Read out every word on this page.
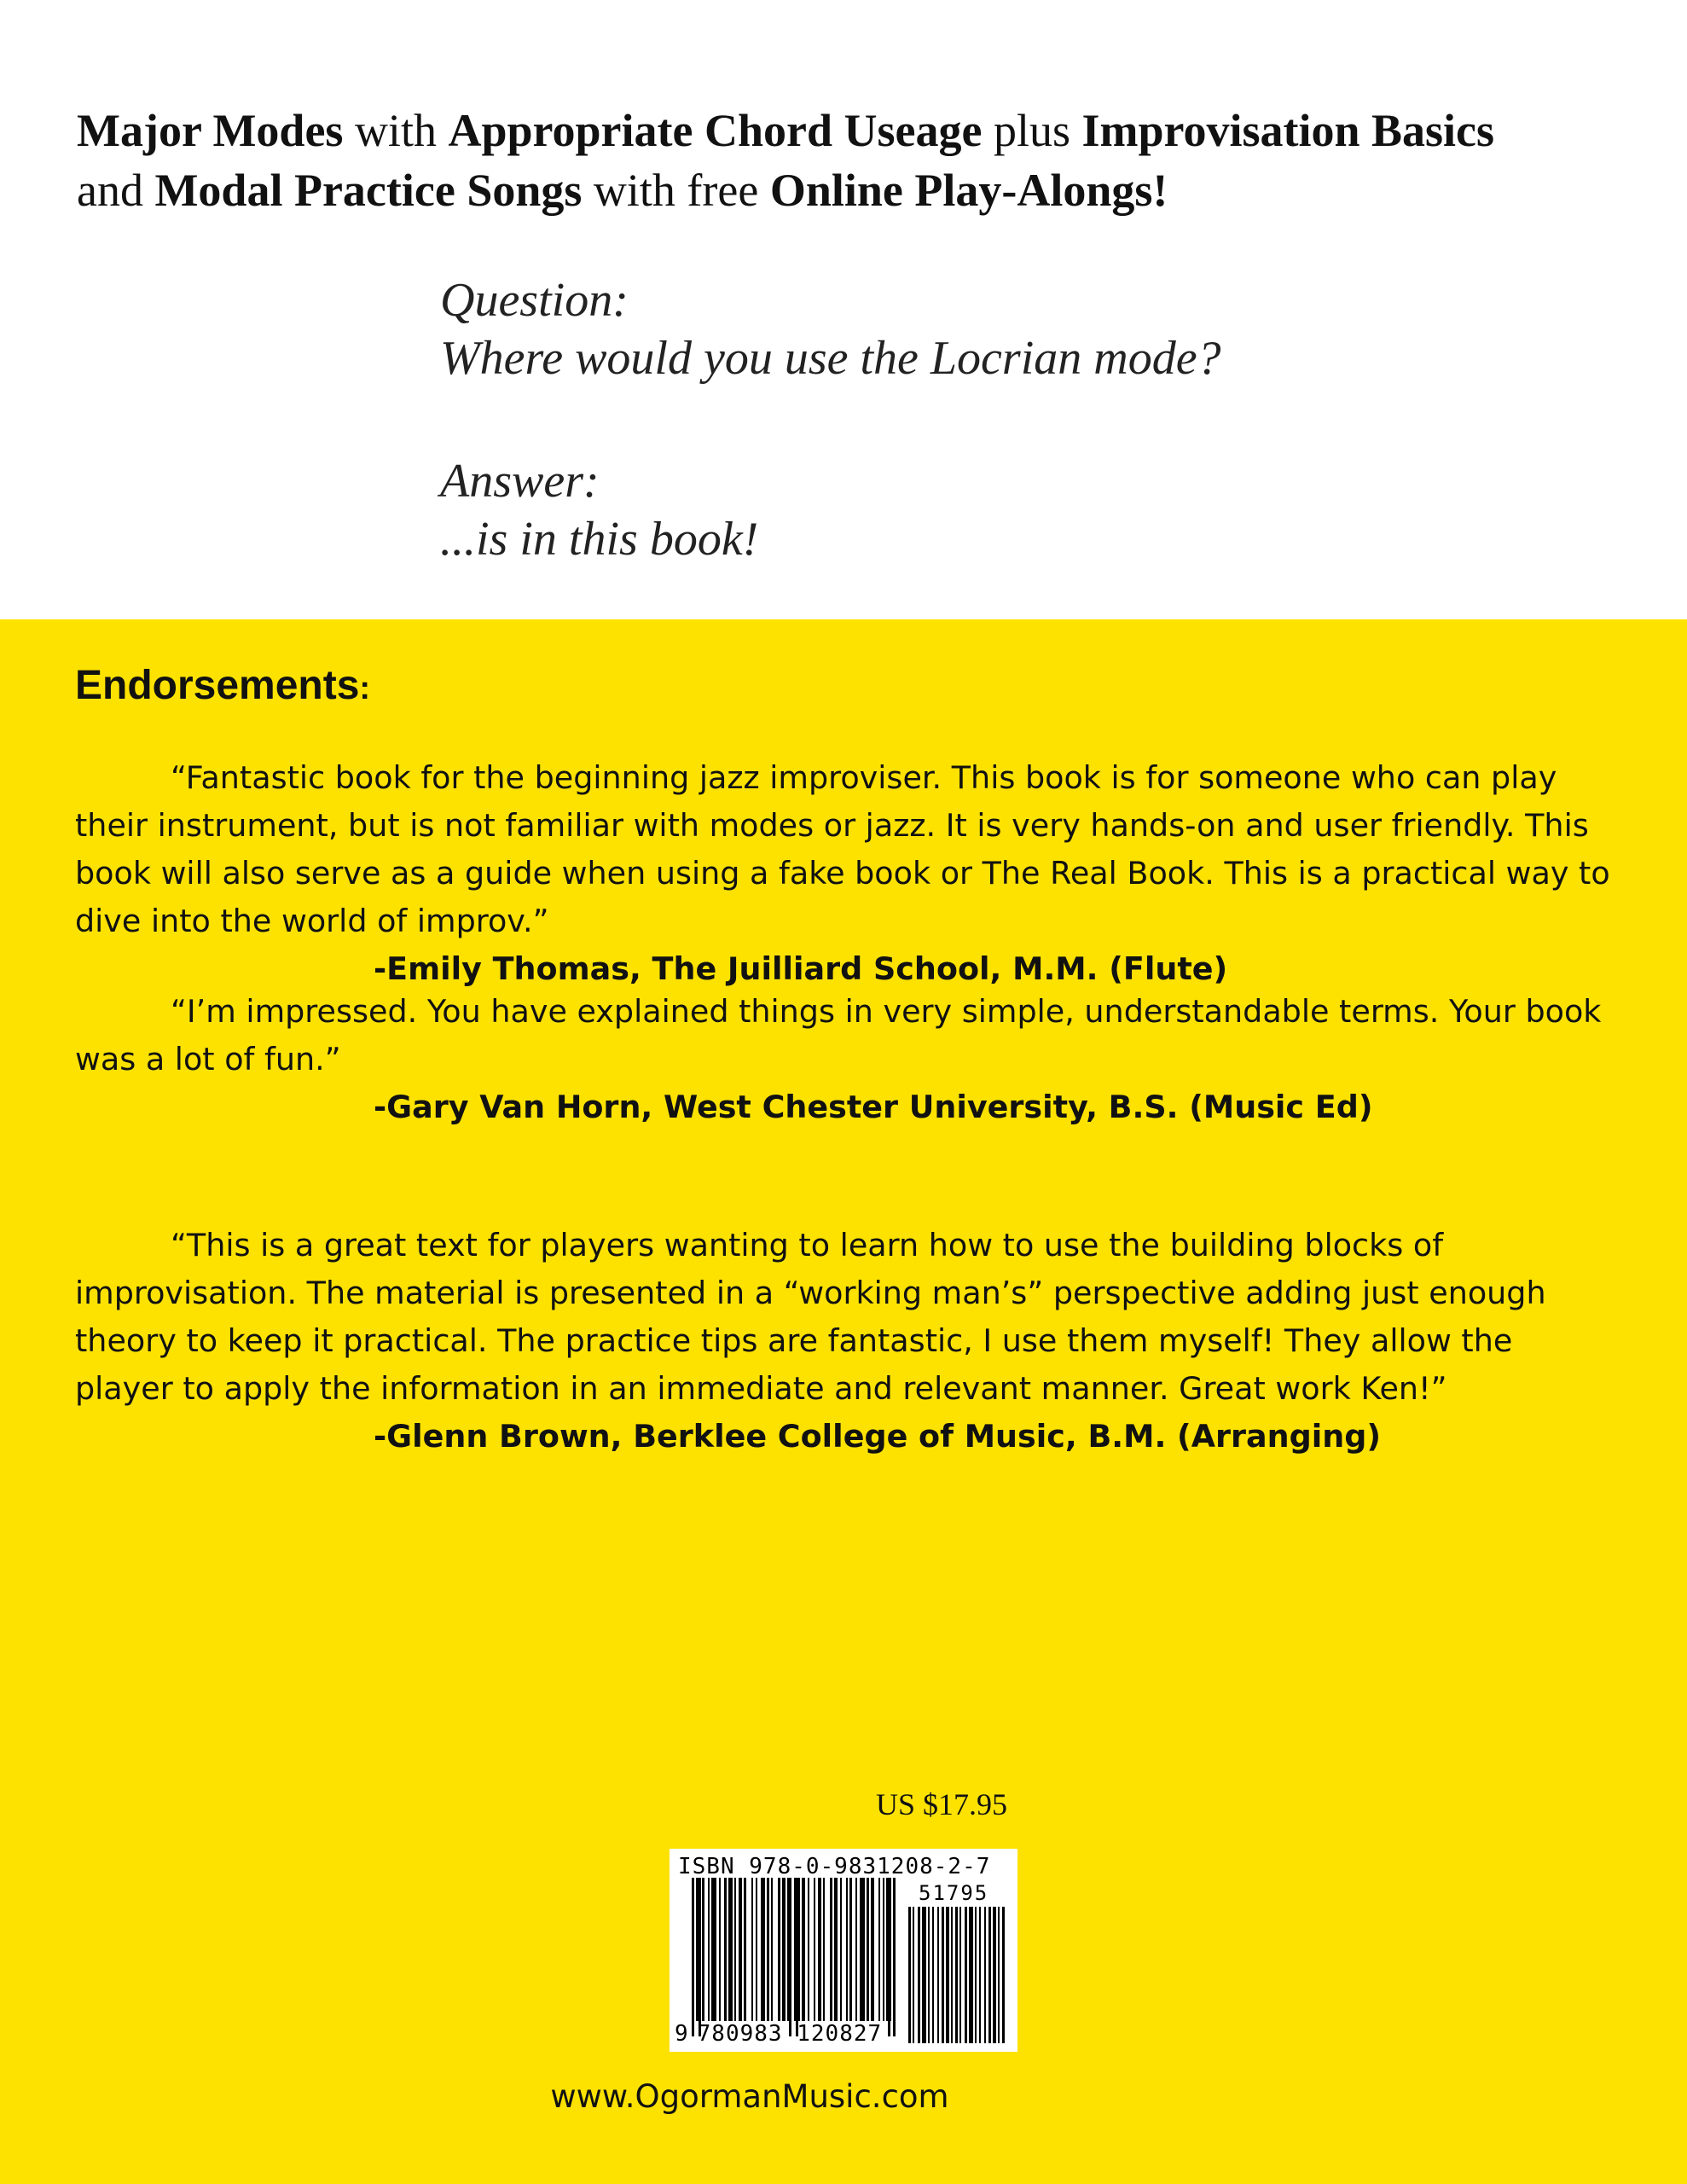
Major Modes with Appropriate Chord Useage plus Improvisation Basics
and Modal Practice Songs with free Online Play-Alongs!
Question:
Where would you use the Locrian mode?
Answer:
...is in this book!
Endorsements:

“Fantastic book for the beginning jazz improviser. This book is for someone who can play their instrument, but is not familiar with modes or jazz. It is very hands-on and user friendly. This book will also serve as a guide when using a fake book or The Real Book. This is a practical way to dive into the world of improv.”

-Emily Thomas, The Juilliard School, M.M. (Flute)

“I’m impressed. You have explained things in very simple, understandable terms. Your book was a lot of fun.”

-Gary Van Horn, West Chester University, B.S. (Music Ed)

“This is a great text for players wanting to learn how to use the building blocks of improvisation. The material is presented in a “working man’s” perspective adding just enough theory to keep it practical. The practice tips are fantastic, I use them myself! They allow the player to apply the information in an immediate and relevant manner. Great work Ken!”

-Glenn Brown, Berklee College of Music, B.M. (Arranging)

US $17.95
ISBN 978-0-9831208-2-7
51795
9 780983 120827
www.OgormanMusic.com
